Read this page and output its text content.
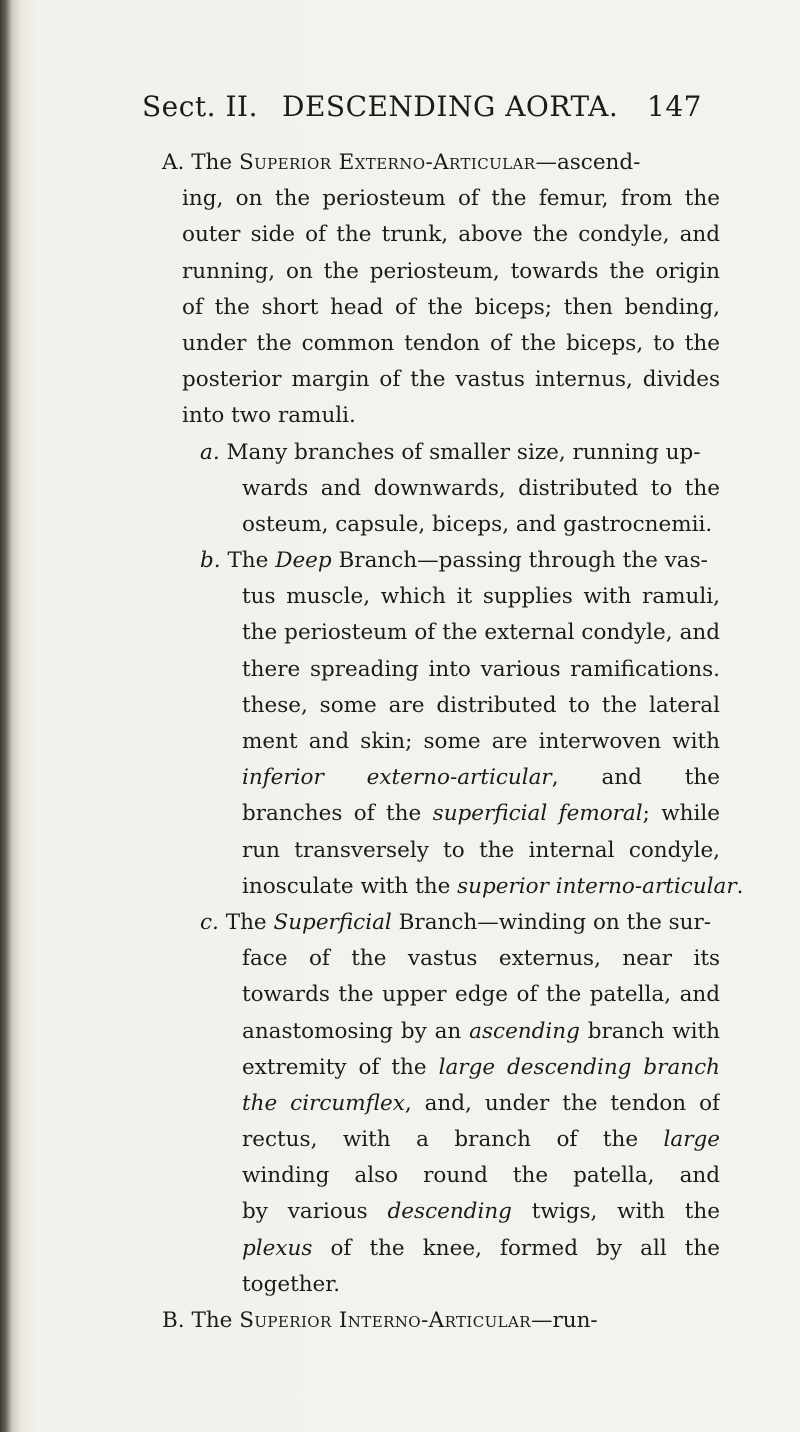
Sect. II. DESCENDING AORTA. 147
A. The Superior Externo-Articular—ascend-
ing, on the periosteum of the femur, from the
outer side of the trunk, above the condyle, and
running, on the periosteum, towards the origin
of the short head of the biceps; then bending,
under the common tendon of the biceps, to the
posterior margin of the vastus internus, divides
into two ramuli.
a. Many branches of smaller size, running up-
wards and downwards, distributed to the
osteum, capsule, biceps, and gastrocnemii.
b. The Deep Branch—passing through the vas-
tus muscle, which it supplies with ramuli,
the periosteum of the external condyle, and
there spreading into various ramifications.
these, some are distributed to the lateral
ment and skin; some are interwoven with
inferior externo-articular, and the
branches of the superficial femoral; while
run transversely to the internal condyle,
inosculate with the superior interno-articular.
c. The Superficial Branch—winding on the sur-
face of the vastus externus, near its
towards the upper edge of the patella, and
anastomosing by an ascending branch with
extremity of the large descending branch
the circumflex, and, under the tendon of
rectus, with a branch of the large
winding also round the patella, and
by various descending twigs, with the
plexus of the knee, formed by all the
together.
B. The Superior Interno-Articular—run-
